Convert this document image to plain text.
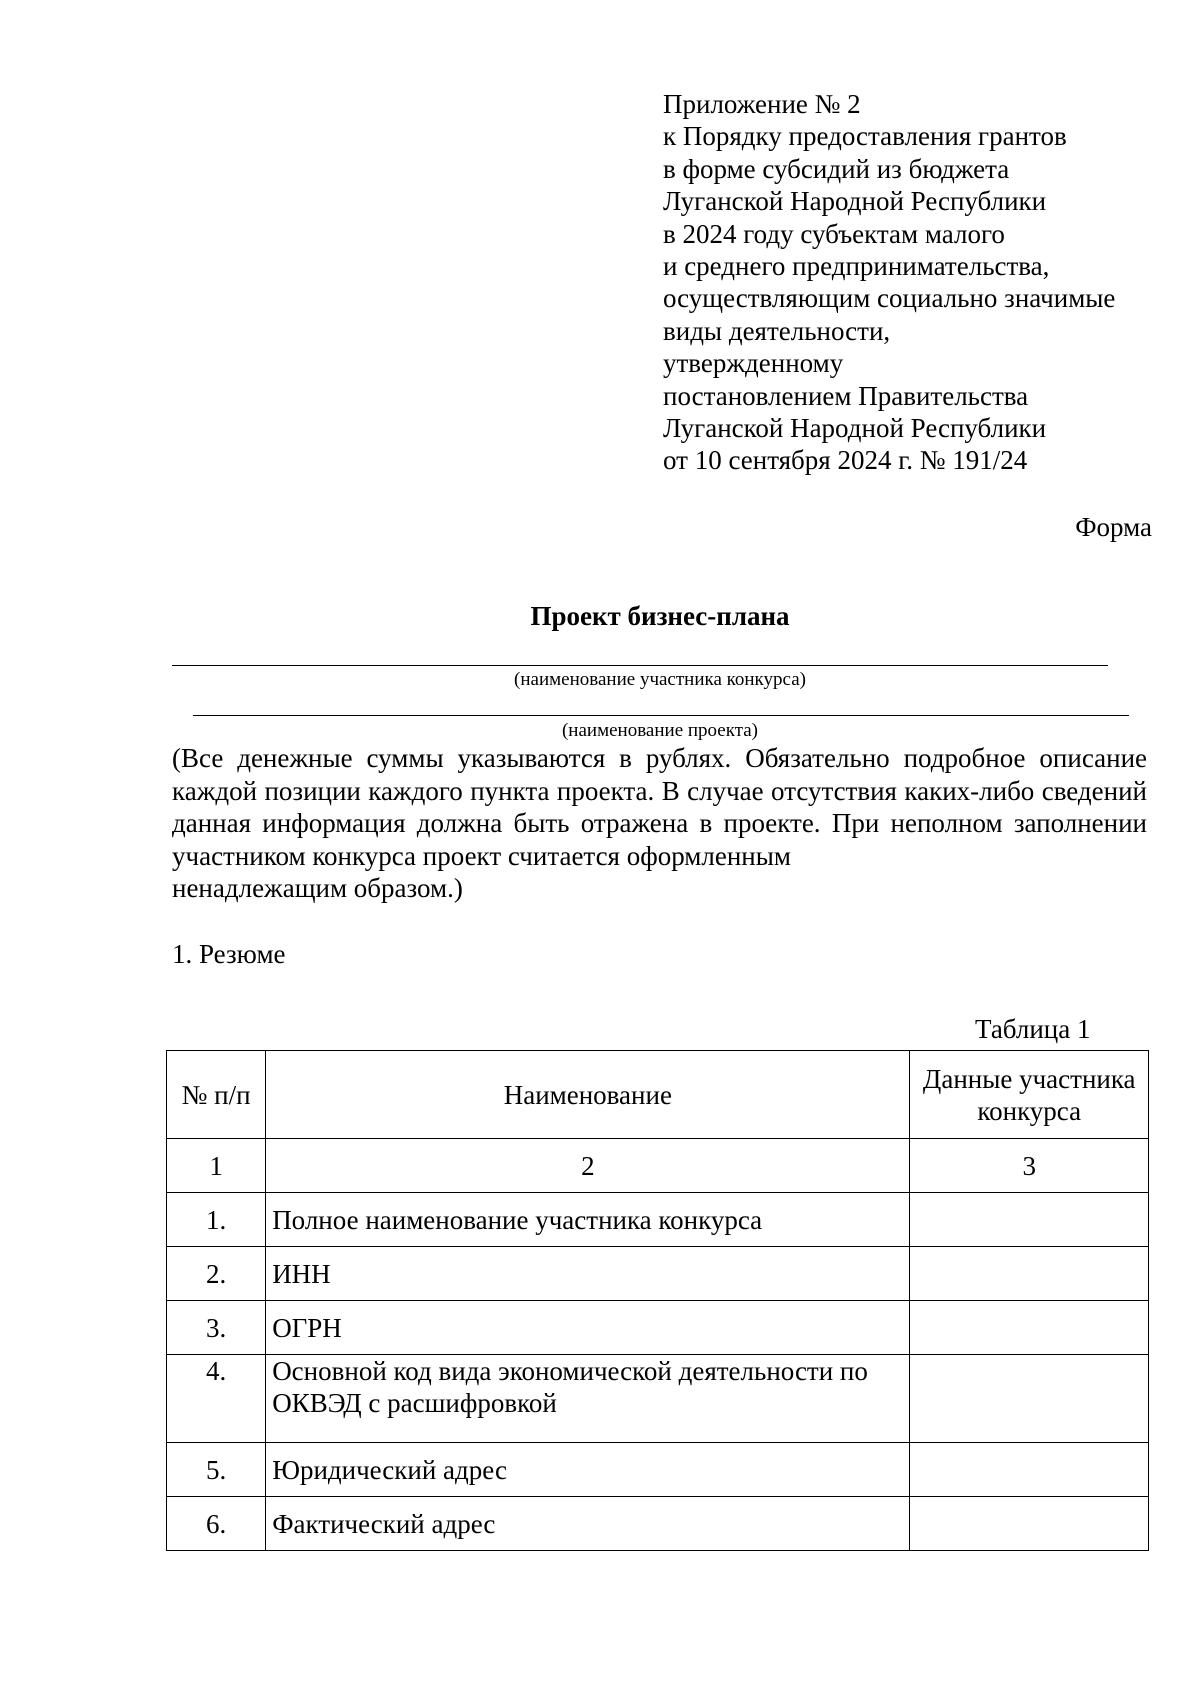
Приложение № 2
к Порядку предоставления грантов
в форме субсидий из бюджета
Луганской Народной Республики
в 2024 году субъектам малого
и среднего предпринимательства,
осуществляющим социально значимые
виды деятельности,
утвержденному
постановлением Правительства
Луганской Народной Республики
от 10 сентября 2024 г. № 191/24
Форма
Проект бизнес-плана
(наименование участника конкурса)
(наименование проекта)
(Все денежные суммы указываются в рублях. Обязательно подробное описание каждой позиции каждого пункта проекта. В случае отсутствия каких-либо сведений данная информация должна быть отражена в проекте. При неполном заполнении участником конкурса проект считается оформленным
ненадлежащим образом.)
1. Резюме
Таблица 1
№ п/п	Наименование	Данные участника конкурса
1	2	3
1.	Полное наименование участника конкурса	
2.	ИНН	
3.	ОГРН	
4.	Основной код вида экономической деятельности по ОКВЭД с расшифровкой	
5.	Юридический адрес	
6.	Фактический адрес	
